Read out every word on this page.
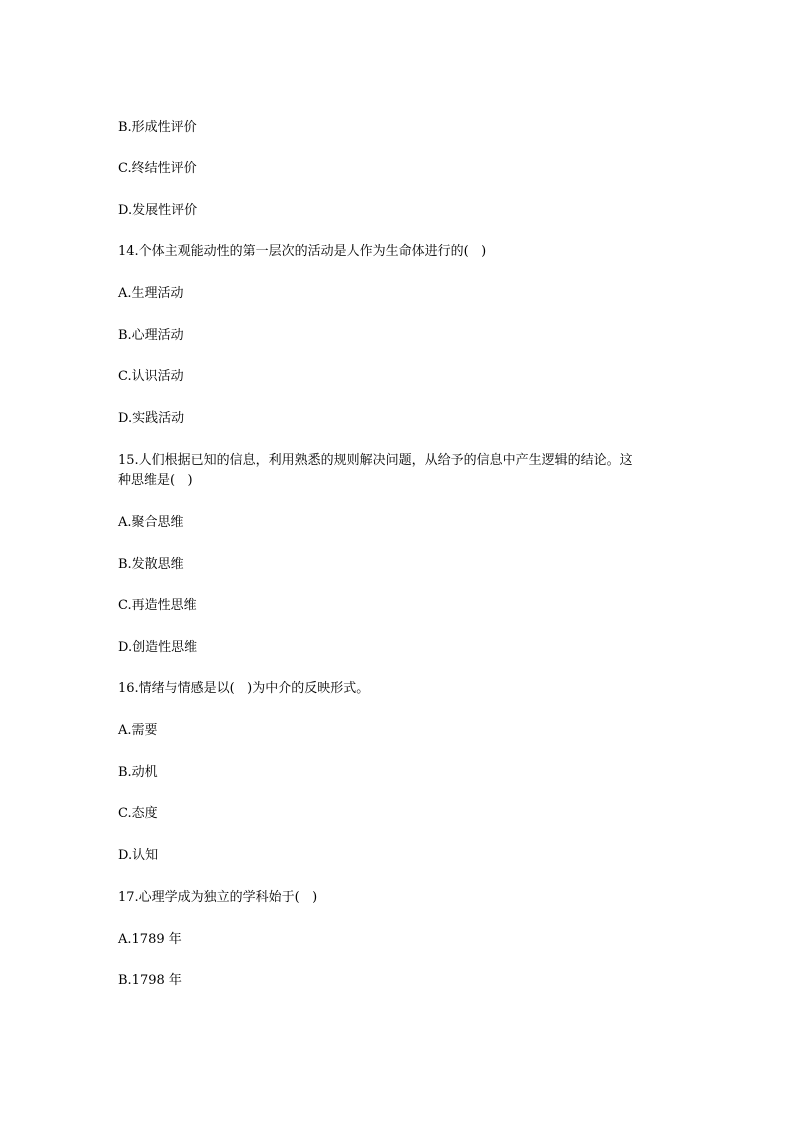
B.形成性评价
C.终结性评价
D.发展性评价
14.个体主观能动性的第一层次的活动是人作为生命体进行的(   )
A.生理活动
B.心理活动
C.认识活动
D.实践活动
15.人们根据已知的信息，利用熟悉的规则解决问题，从给予的信息中产生逻辑的结论。这
种思维是(   )
A.聚合思维
B.发散思维
C.再造性思维
D.创造性思维
16.情绪与情感是以(   )为中介的反映形式。
A.需要
B.动机
C.态度
D.认知
17.心理学成为独立的学科始于(   )
A.1789 年
B.1798 年
